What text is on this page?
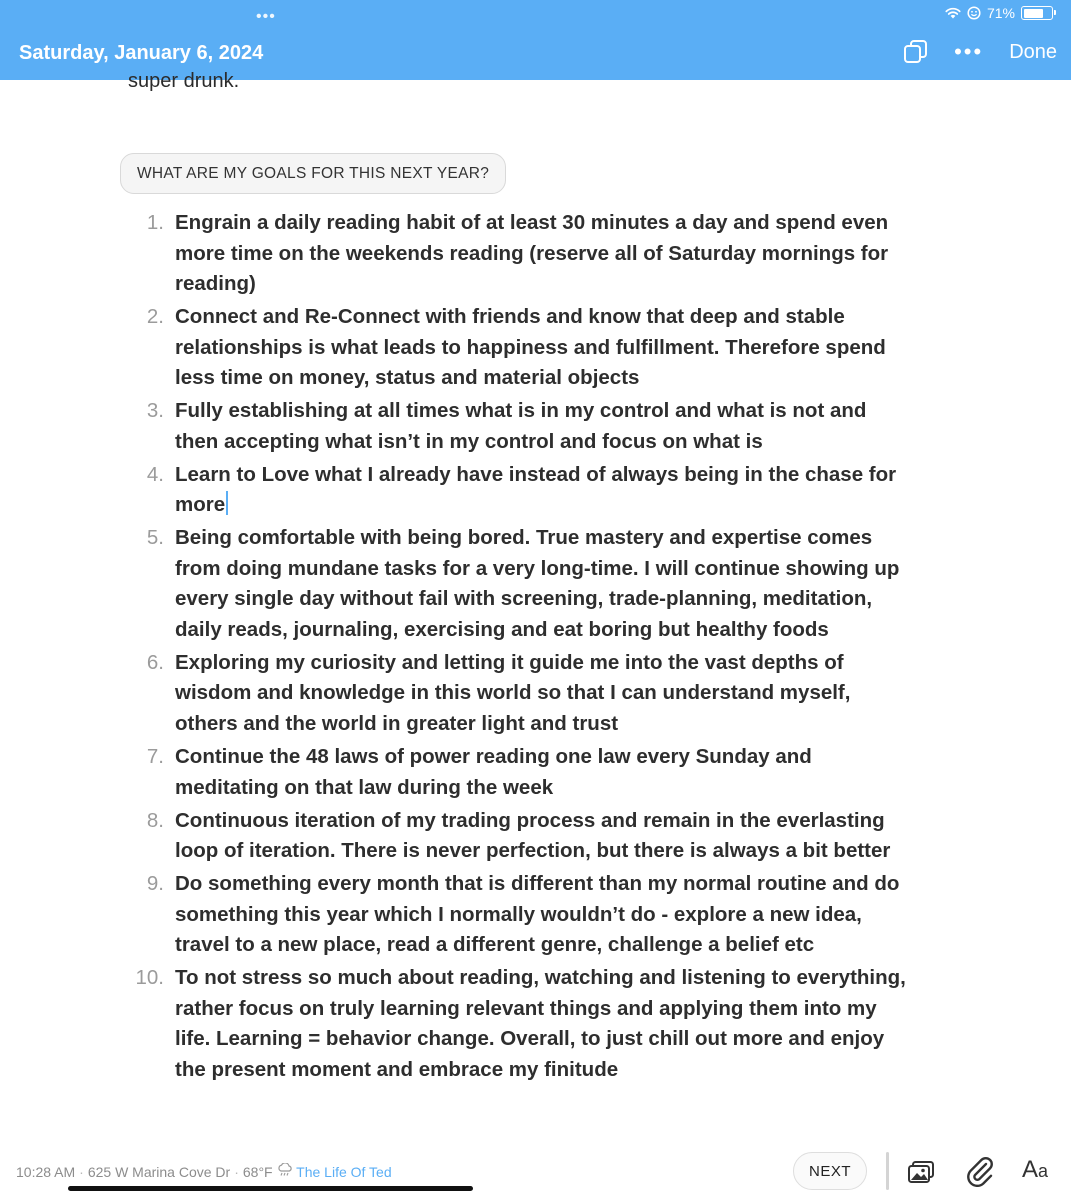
•••	71%
Saturday, January 6, 2024	••• Done
super drunk.
WHAT ARE MY GOALS FOR THIS NEXT YEAR?
1. Engrain a daily reading habit of at least 30 minutes a day and spend even more time on the weekends reading (reserve all of Saturday mornings for reading)
2. Connect and Re-Connect with friends and know that deep and stable relationships is what leads to happiness and fulfillment. Therefore spend less time on money, status and material objects
3. Fully establishing at all times what is in my control and what is not and then accepting what isn’t in my control and focus on what is
4. Learn to Love what I already have instead of always being in the chase for more
5. Being comfortable with being bored. True mastery and expertise comes from doing mundane tasks for a very long-time. I will continue showing up every single day without fail with screening, trade-planning, meditation, daily reads, journaling, exercising and eat boring but healthy foods
6. Exploring my curiosity and letting it guide me into the vast depths of wisdom and knowledge in this world so that I can understand myself, others and the world in greater light and trust
7. Continue the 48 laws of power reading one law every Sunday and meditating on that law during the week
8. Continuous iteration of my trading process and remain in the everlasting loop of iteration. There is never perfection, but there is always a bit better
9. Do something every month that is different than my normal routine and do something this year which I normally wouldn’t do - explore a new idea, travel to a new place, read a different genre, challenge a belief etc
10. To not stress so much about reading, watching and listening to everything, rather focus on truly learning relevant things and applying them into my life. Learning = behavior change. Overall, to just chill out more and enjoy the present moment and embrace my finitude
10:28 AM · 625 W Marina Cove Dr · 68°F The Life Of Ted	NEXT	Aa
